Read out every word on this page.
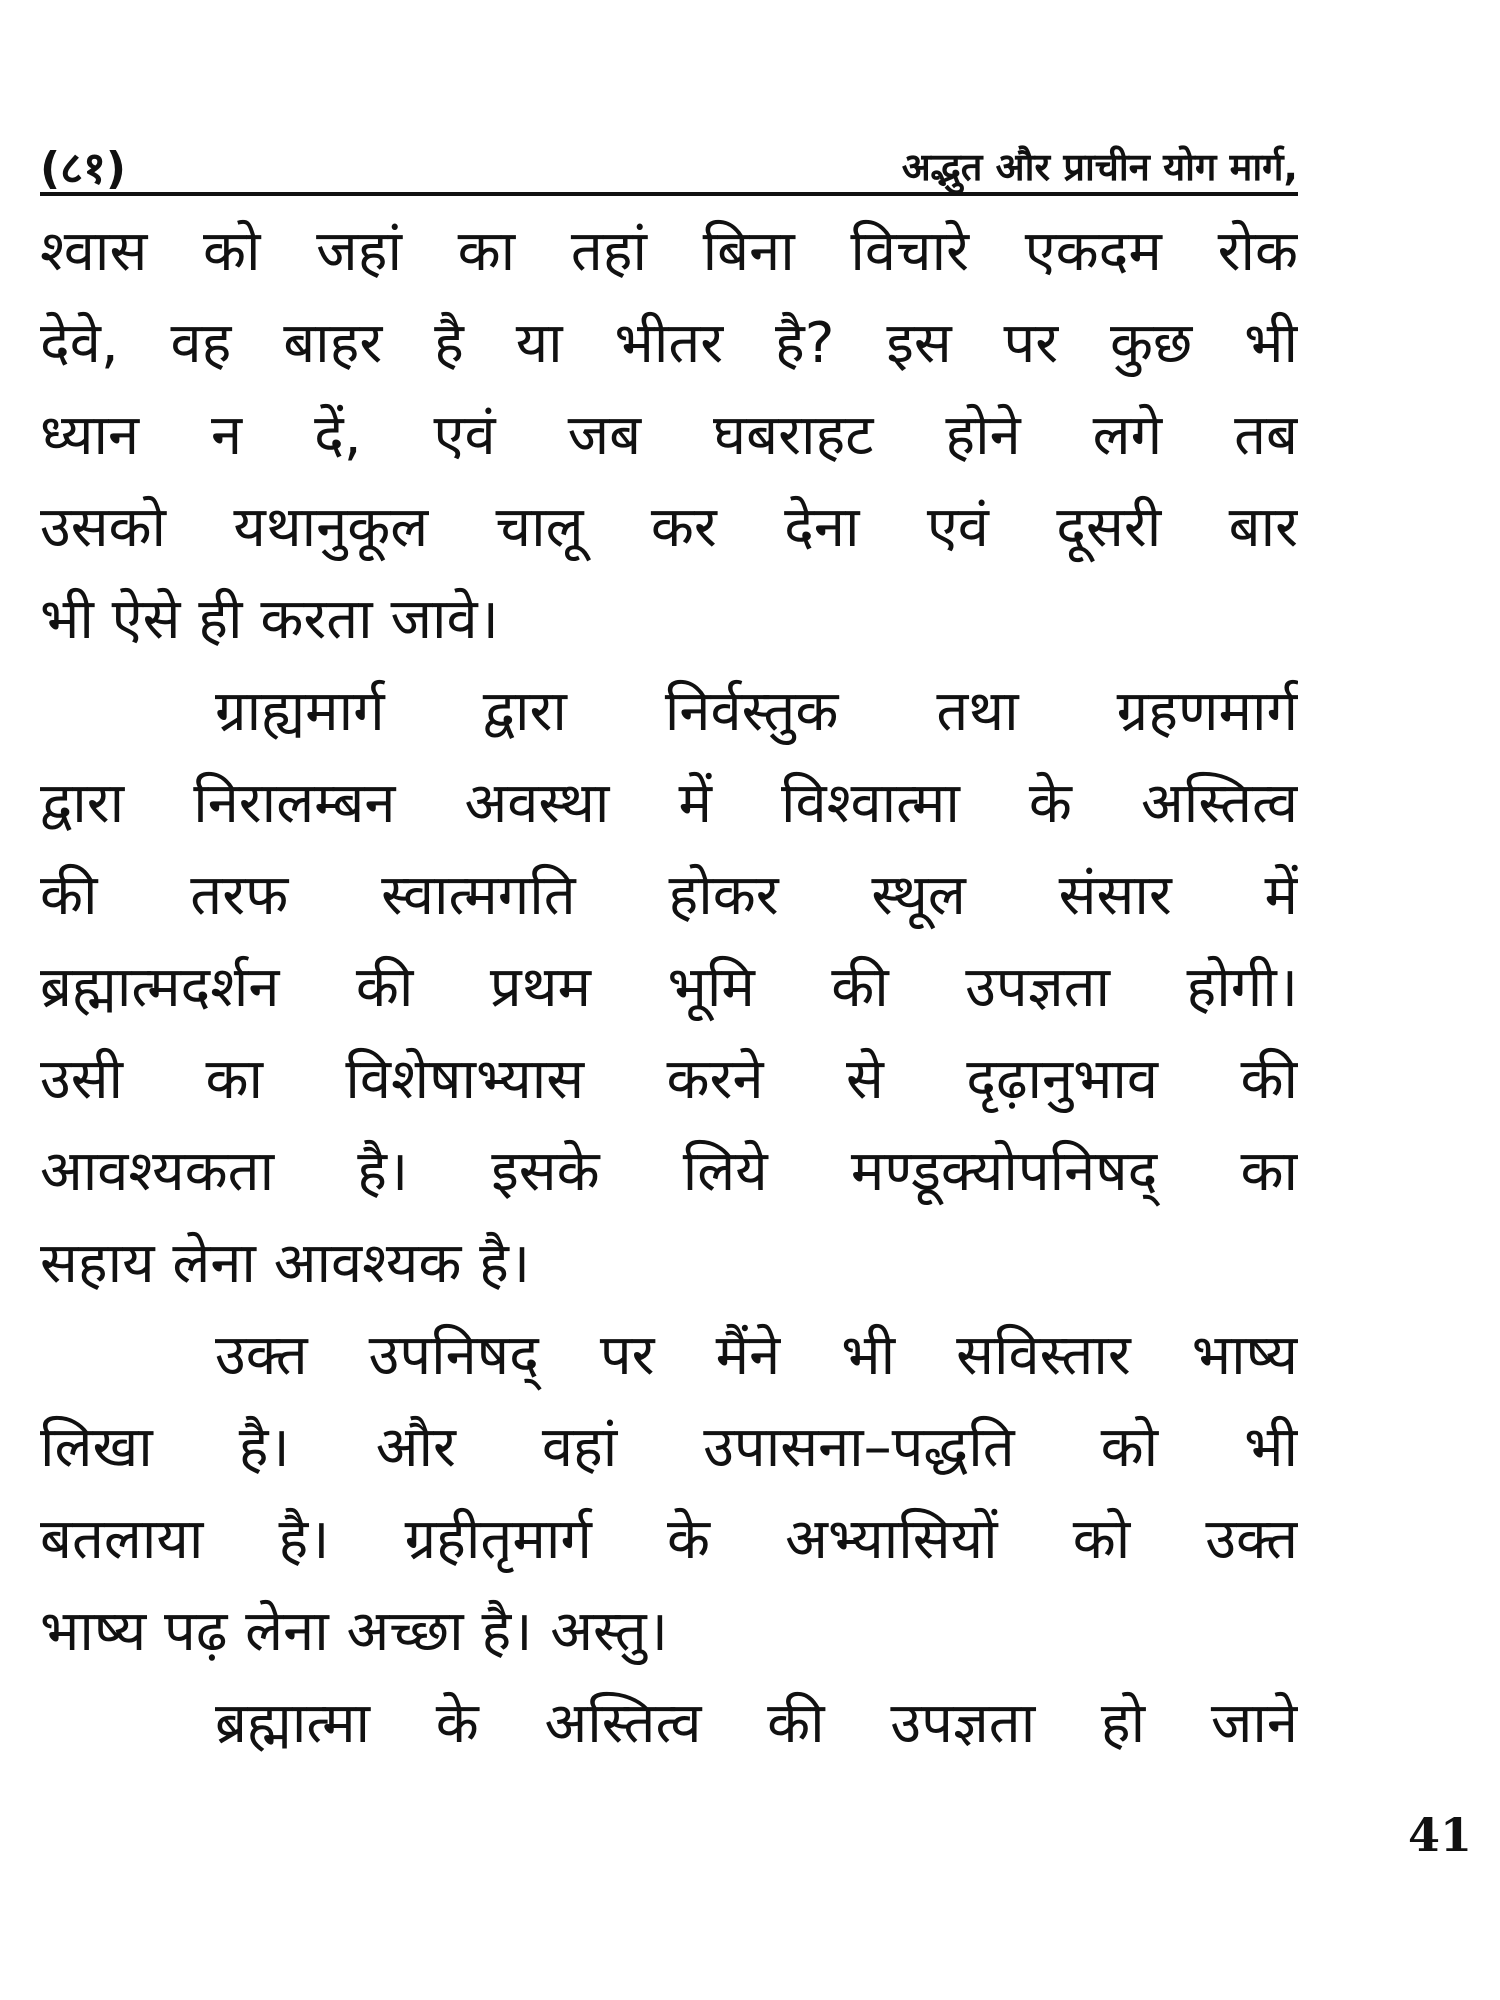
(८१)	अद्भुत और प्राचीन योग मार्ग,
श्वास को जहां का तहां बिना विचारे एकदम रोक
देवे, वह बाहर है या भीतर है? इस पर कुछ भी
ध्यान न दें, एवं जब घबराहट होने लगे तब
उसको यथानुकूल चालू कर देना एवं दूसरी बार
भी ऐसे ही करता जावे।
ग्राह्यमार्ग द्वारा निर्वस्तुक तथा ग्रहणमार्ग
द्वारा निरालम्बन अवस्था में विश्वात्मा के अस्तित्व
की तरफ स्वात्मगति होकर स्थूल संसार में
ब्रह्मात्मदर्शन की प्रथम भूमि की उपज्ञता होगी।
उसी का विशेषाभ्यास करने से दृढ़ानुभाव की
आवश्यकता है। इसके लिये मण्डूक्योपनिषद् का
सहाय लेना आवश्यक है।
उक्त उपनिषद् पर मैंने भी सविस्तार भाष्य
लिखा है। और वहां उपासना–पद्धति को भी
बतलाया है। ग्रहीतृमार्ग के अभ्यासियों को उक्त
भाष्य पढ़ लेना अच्छा है। अस्तु।
ब्रह्मात्मा के अस्तित्व की उपज्ञता हो जाने
41
